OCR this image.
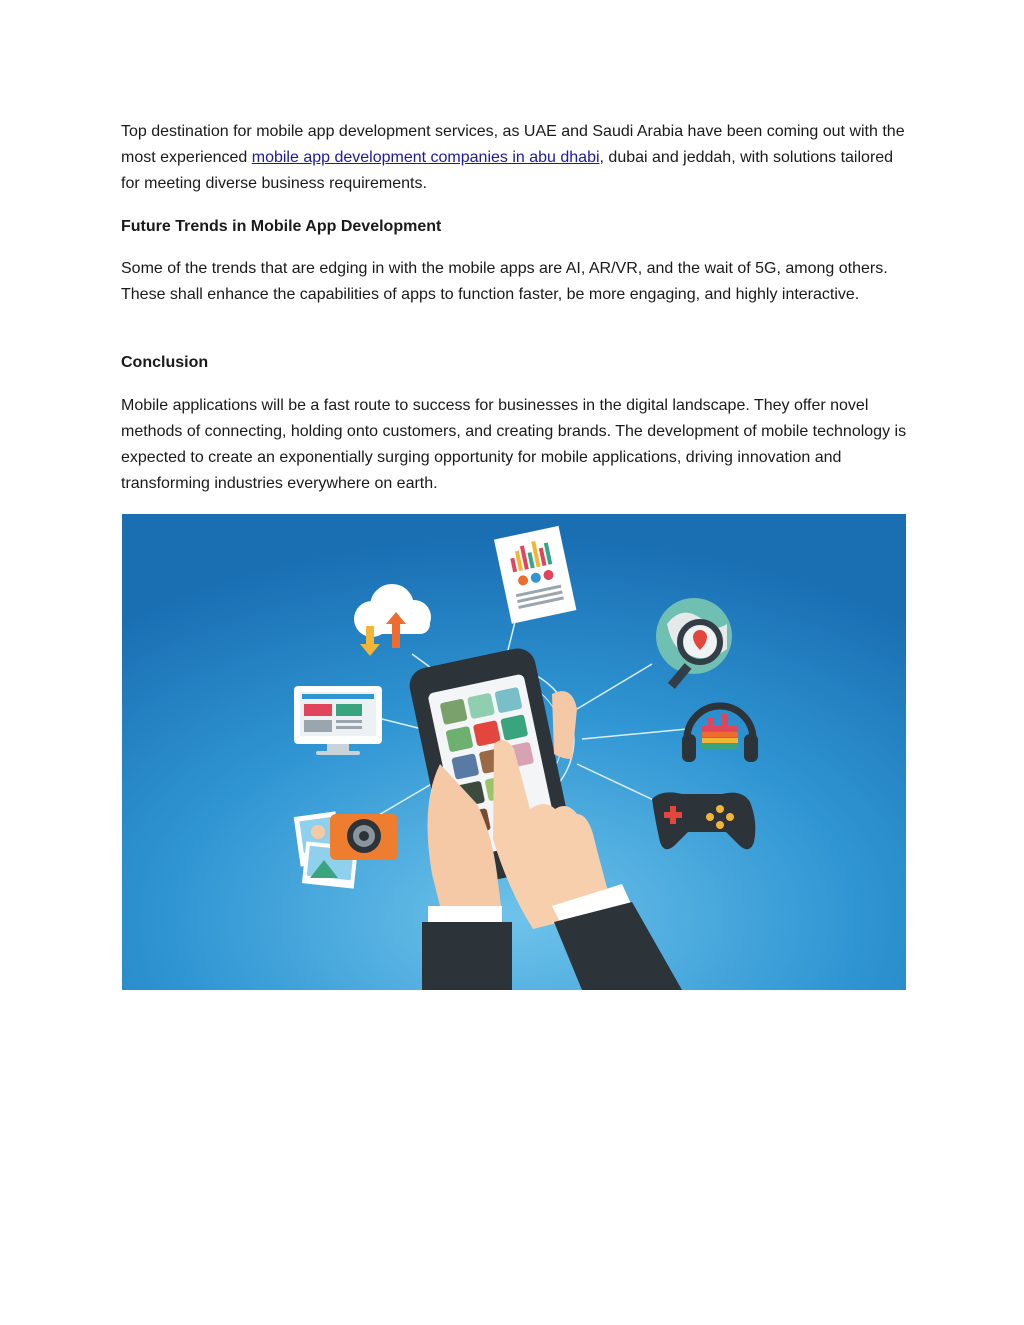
Top destination for mobile app development services, as UAE and Saudi Arabia have been coming out with the most experienced mobile app development companies in abu dhabi, dubai and jeddah, with solutions tailored for meeting diverse business requirements.

Future Trends in Mobile App Development

Some of the trends that are edging in with the mobile apps are AI, AR/VR, and the wait of 5G, among others. These shall enhance the capabilities of apps to function faster, be more engaging, and highly interactive.

Conclusion

Mobile applications will be a fast route to success for businesses in the digital landscape. They offer novel methods of connecting, holding onto customers, and creating brands. The development of mobile technology is expected to create an exponentially surging opportunity for mobile applications, driving innovation and transforming industries everywhere on earth.
